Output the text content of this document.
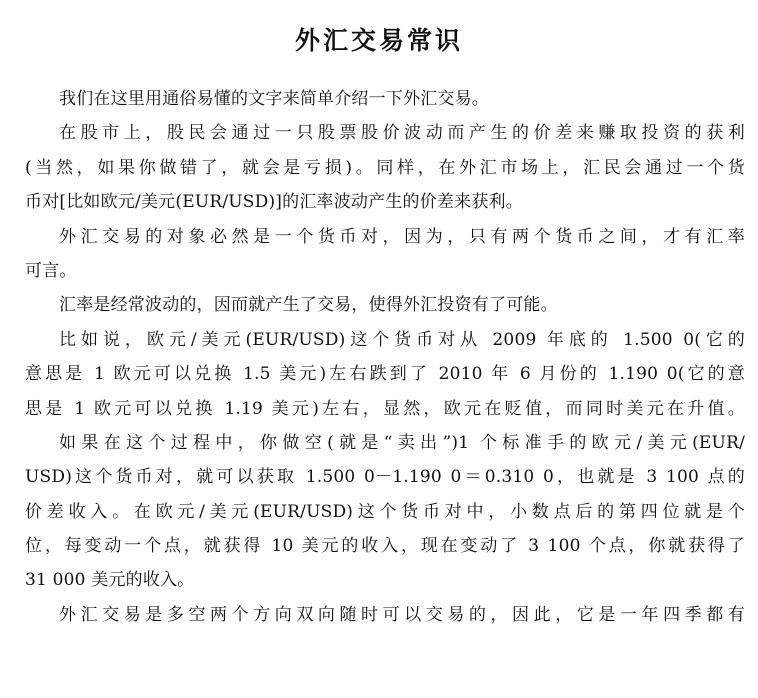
外汇交易常识
我们在这里用通俗易懂的文字来简单介绍一下外汇交易。
在股市上，股民会通过一只股票股价波动而产生的价差来赚取投资的获利
(当然，如果你做错了，就会是亏损)。同样，在外汇市场上，汇民会通过一个货
币对[比如欧元/美元(EUR/USD)]的汇率波动产生的价差来获利。
外汇交易的对象必然是一个货币对，因为，只有两个货币之间，才有汇率
可言。
汇率是经常波动的，因而就产生了交易，使得外汇投资有了可能。
比如说，欧元/美元(EUR/USD)这个货币对从 2009 年底的 1.500 0(它的
意思是 1 欧元可以兑换 1.5 美元)左右跌到了 2010 年 6 月份的 1.190 0(它的意
思是 1 欧元可以兑换 1.19 美元)左右，显然，欧元在贬值，而同时美元在升值。
如果在这个过程中，你做空(就是“卖出”)1 个标准手的欧元/美元(EUR/
USD)这个货币对，就可以获取 1.500 0－1.190 0＝0.310 0，也就是 3 100 点的
价差收入。在欧元/美元(EUR/USD)这个货币对中，小数点后的第四位就是个
位，每变动一个点，就获得 10 美元的收入，现在变动了 3 100 个点，你就获得了
31 000 美元的收入。
外汇交易是多空两个方向双向随时可以交易的，因此，它是一年四季都有
